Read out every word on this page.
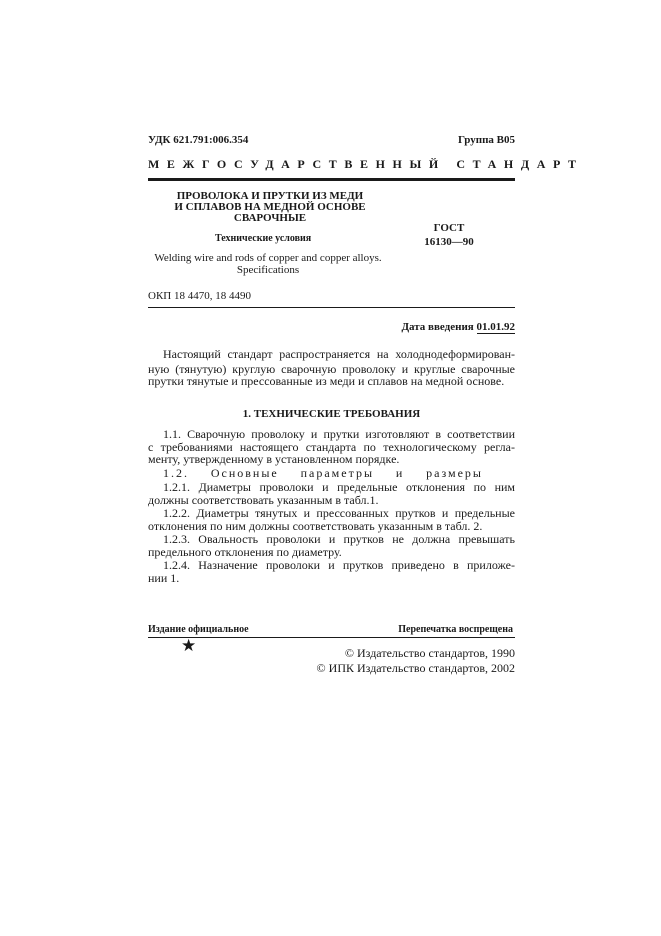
УДК 621.791:006.354	Группа В05
МЕЖГОСУДАРСТВЕННЫЙ СТАНДАРТ
ПРОВОЛОКА И ПРУТКИ ИЗ МЕДИ
И СПЛАВОВ НА МЕДНОЙ ОСНОВЕ
СВАРОЧНЫЕ
Технические условия
Welding wire and rods of copper and copper alloys.
Specifications
ГОСТ
16130—90
ОКП 18 4470, 18 4490
Дата введения 01.01.92
Настоящий стандарт распространяется на холоднодеформирован-
ную (тянутую) круглую сварочную проволоку и круглые сварочные
прутки тянутые и прессованные из меди и сплавов на медной основе.
1. ТЕХНИЧЕСКИЕ ТРЕБОВАНИЯ
1.1. Сварочную проволоку и прутки изготовляют в соответствии
с требованиями настоящего стандарта по технологическому регла-
менту, утвержденному в установленном порядке.
1.2. Основные параметры и размеры
1.2.1. Диаметры проволоки и предельные отклонения по ним
должны соответствовать указанным в табл.1.
1.2.2. Диаметры тянутых и прессованных прутков и предельные
отклонения по ним должны соответствовать указанным в табл. 2.
1.2.3. Овальность проволоки и прутков не должна превышать
предельного отклонения по диаметру.
1.2.4. Назначение проволоки и прутков приведено в приложе-
нии 1.
Издание официальное	Перепечатка воспрещена
★	© Издательство стандартов, 1990
© ИПК Издательство стандартов, 2002
